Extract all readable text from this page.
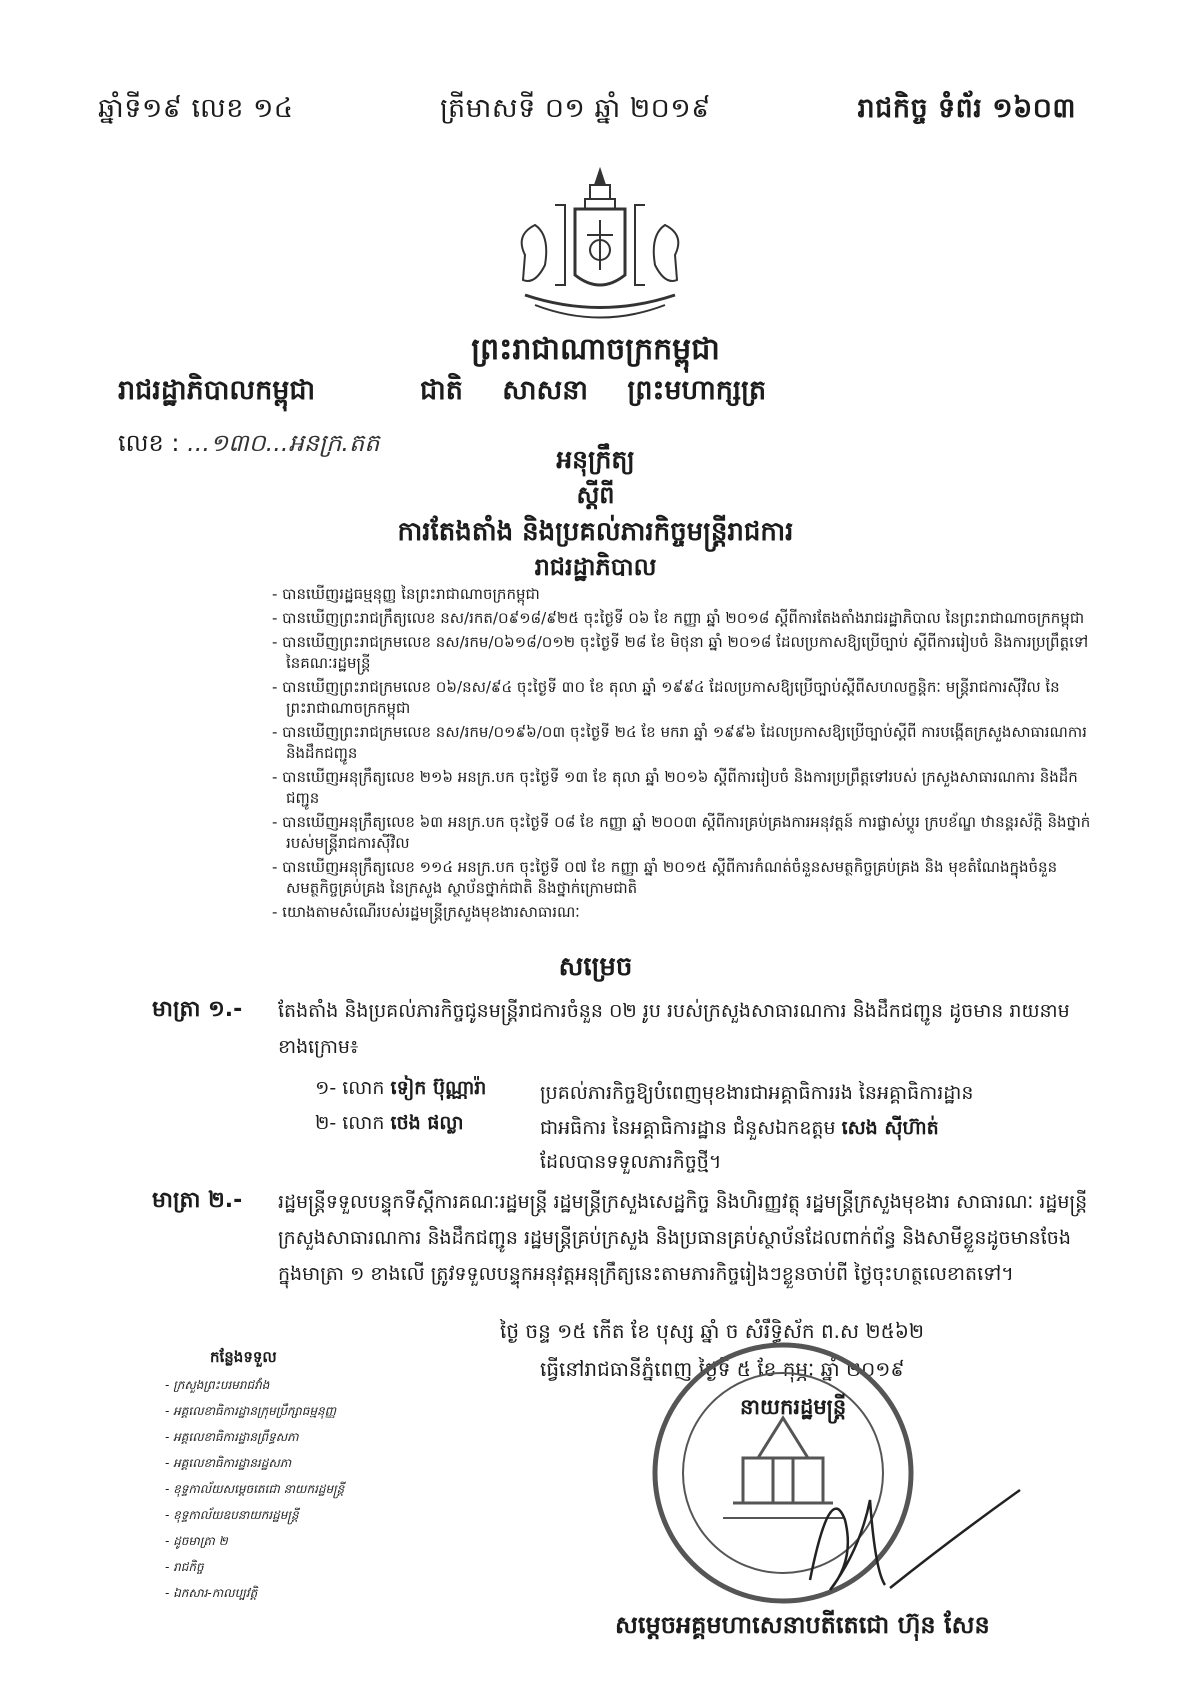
ឆ្នាំទី១៩ លេខ ១៤	ត្រីមាសទី ០១ ឆ្នាំ ២០១៩	រាជកិច្ច ទំព័រ ១៦០៣
ព្រះរាជាណាចក្រកម្ពុជា
រាជរដ្ឋាភិបាលកម្ពុជា	ជាតិ សាសនា ព្រះមហាក្សត្រ
លេខ : ...១៣០...អនក្រ.តត
អនុក្រឹត្យ
ស្តីពី
ការតែងតាំង និងប្រគល់ភារកិច្ចមន្ត្រីរាជការ
រាជរដ្ឋាភិបាល
- បានឃើញរដ្ឋធម្មនុញ្ញ នៃព្រះរាជាណាចក្រកម្ពុជា
- បានឃើញព្រះរាជក្រឹត្យលេខ នស/រកត/០៩១៨/៩២៥ ចុះថ្ងៃទី ០៦ ខែ កញ្ញា ឆ្នាំ ២០១៨ ស្តីពីការតែងតាំងរាជរដ្ឋាភិបាល នៃព្រះរាជាណាចក្រកម្ពុជា
- បានឃើញព្រះរាជក្រមលេខ នស/រកម/០៦១៨/០១២ ចុះថ្ងៃទី ២៨ ខែ មិថុនា ឆ្នាំ ២០១៨ ដែលប្រកាសឱ្យប្រើច្បាប់ ស្តីពីការរៀបចំ និងការប្រព្រឹត្តទៅ នៃគណៈរដ្ឋមន្ត្រី
- បានឃើញព្រះរាជក្រមលេខ ០៦/នស/៩៤ ចុះថ្ងៃទី ៣០ ខែ តុលា ឆ្នាំ ១៩៩៤ ដែលប្រកាសឱ្យប្រើច្បាប់ស្តីពីសហលក្ខន្តិកៈ មន្ត្រីរាជការស៊ីវិល នៃព្រះរាជាណាចក្រកម្ពុជា
- បានឃើញព្រះរាជក្រមលេខ នស/រកម/០១៩៦/០៣ ចុះថ្ងៃទី ២៤ ខែ មករា ឆ្នាំ ១៩៩៦ ដែលប្រកាសឱ្យប្រើច្បាប់ស្តីពី ការបង្កើតក្រសួងសាធារណការ និងដឹកជញ្ជូន
- បានឃើញអនុក្រឹត្យលេខ ២១៦ អនក្រ.បក ចុះថ្ងៃទី ១៣ ខែ តុលា ឆ្នាំ ២០១៦ ស្តីពីការរៀបចំ និងការប្រព្រឹត្តទៅរបស់ ក្រសួងសាធារណការ និងដឹកជញ្ជូន
- បានឃើញអនុក្រឹត្យលេខ ៦៣ អនក្រ.បក ចុះថ្ងៃទី ០៨ ខែ កញ្ញា ឆ្នាំ ២០០៣ ស្តីពីការគ្រប់គ្រងការអនុវត្តន៍ ការផ្លាស់ប្តូរ ក្របខ័ណ្ឌ ឋានន្តរស័ក្តិ និងថ្នាក់របស់មន្ត្រីរាជការស៊ីវិល
- បានឃើញអនុក្រឹត្យលេខ ១១៤ អនក្រ.បក ចុះថ្ងៃទី ០៧ ខែ កញ្ញា ឆ្នាំ ២០១៥ ស្តីពីការកំណត់ចំនួនសមត្ថកិច្ចគ្រប់គ្រង និង មុខតំណែងក្នុងចំនួនសមត្ថកិច្ចគ្រប់គ្រង នៃក្រសួង ស្ថាប័នថ្នាក់ជាតិ និងថ្នាក់ក្រោមជាតិ
- យោងតាមសំណើរបស់រដ្ឋមន្ត្រីក្រសួងមុខងារសាធារណៈ
សម្រេច
មាត្រា ១.- តែងតាំង និងប្រគល់ភារកិច្ចជូនមន្ត្រីរាជការចំនួន ០២ រូប របស់ក្រសួងសាធារណការ និងដឹកជញ្ជូន ដូចមាន រាយនាមខាងក្រោម៖
១- លោក ទៀក ប៊ុណ្ណារ៉ា	ប្រគល់ភារកិច្ចឱ្យបំពេញមុខងារជាអគ្គាធិការរង នៃអគ្គាធិការដ្ឋាន
២- លោក ថេង ផល្លា	ជាអធិការ នៃអគ្គាធិការដ្ឋាន ជំនួសឯកឧត្តម សេង ស៊ីហ៊ាត់
ដែលបានទទួលភារកិច្ចថ្មី។
មាត្រា ២.- រដ្ឋមន្ត្រីទទួលបន្ទុកទីស្តីការគណៈរដ្ឋមន្ត្រី រដ្ឋមន្ត្រីក្រសួងសេដ្ឋកិច្ច និងហិរញ្ញវត្ថុ រដ្ឋមន្ត្រីក្រសួងមុខងារ សាធារណៈ រដ្ឋមន្ត្រីក្រសួងសាធារណការ និងដឹកជញ្ជូន រដ្ឋមន្ត្រីគ្រប់ក្រសួង និងប្រធានគ្រប់ស្ថាប័នដែលពាក់ព័ន្ធ និងសាមីខ្លួនដូចមានចែងក្នុងមាត្រា ១ ខាងលើ ត្រូវទទួលបន្ទុកអនុវត្តអនុក្រឹត្យនេះតាមភារកិច្ចរៀងៗខ្លួនចាប់ពី ថ្ងៃចុះហត្ថលេខាតទៅ។
ថ្ងៃ ចន្ទ ១៥ កើត ខែ បុស្ស ឆ្នាំ ច សំរឹទ្ធិស័ក ព.ស ២៥៦២
ធ្វើនៅរាជធានីភ្នំពេញ ថ្ងៃទី ៥ ខែ កុម្ភៈ ឆ្នាំ ២០១៩
នាយករដ្ឋមន្ត្រី
សម្តេចអគ្គមហាសេនាបតីតេជោ ហ៊ុន សែន
កន្លែងទទួល
- ក្រសួងព្រះបរមរាជវាំង
- អគ្គលេខាធិការដ្ឋានក្រុមប្រឹក្សាធម្មនុញ្ញ
- អគ្គលេខាធិការដ្ឋានព្រឹទ្ធសភា
- អគ្គលេខាធិការដ្ឋានរដ្ឋសភា
- ខុទ្ទកាល័យសម្តេចតេជោ នាយករដ្ឋមន្ត្រី
- ខុទ្ទកាល័យឧបនាយករដ្ឋមន្ត្រី
- ដូចមាត្រា ២
- រាជកិច្ច
- ឯកសារ-កាលប្បវត្តិ
